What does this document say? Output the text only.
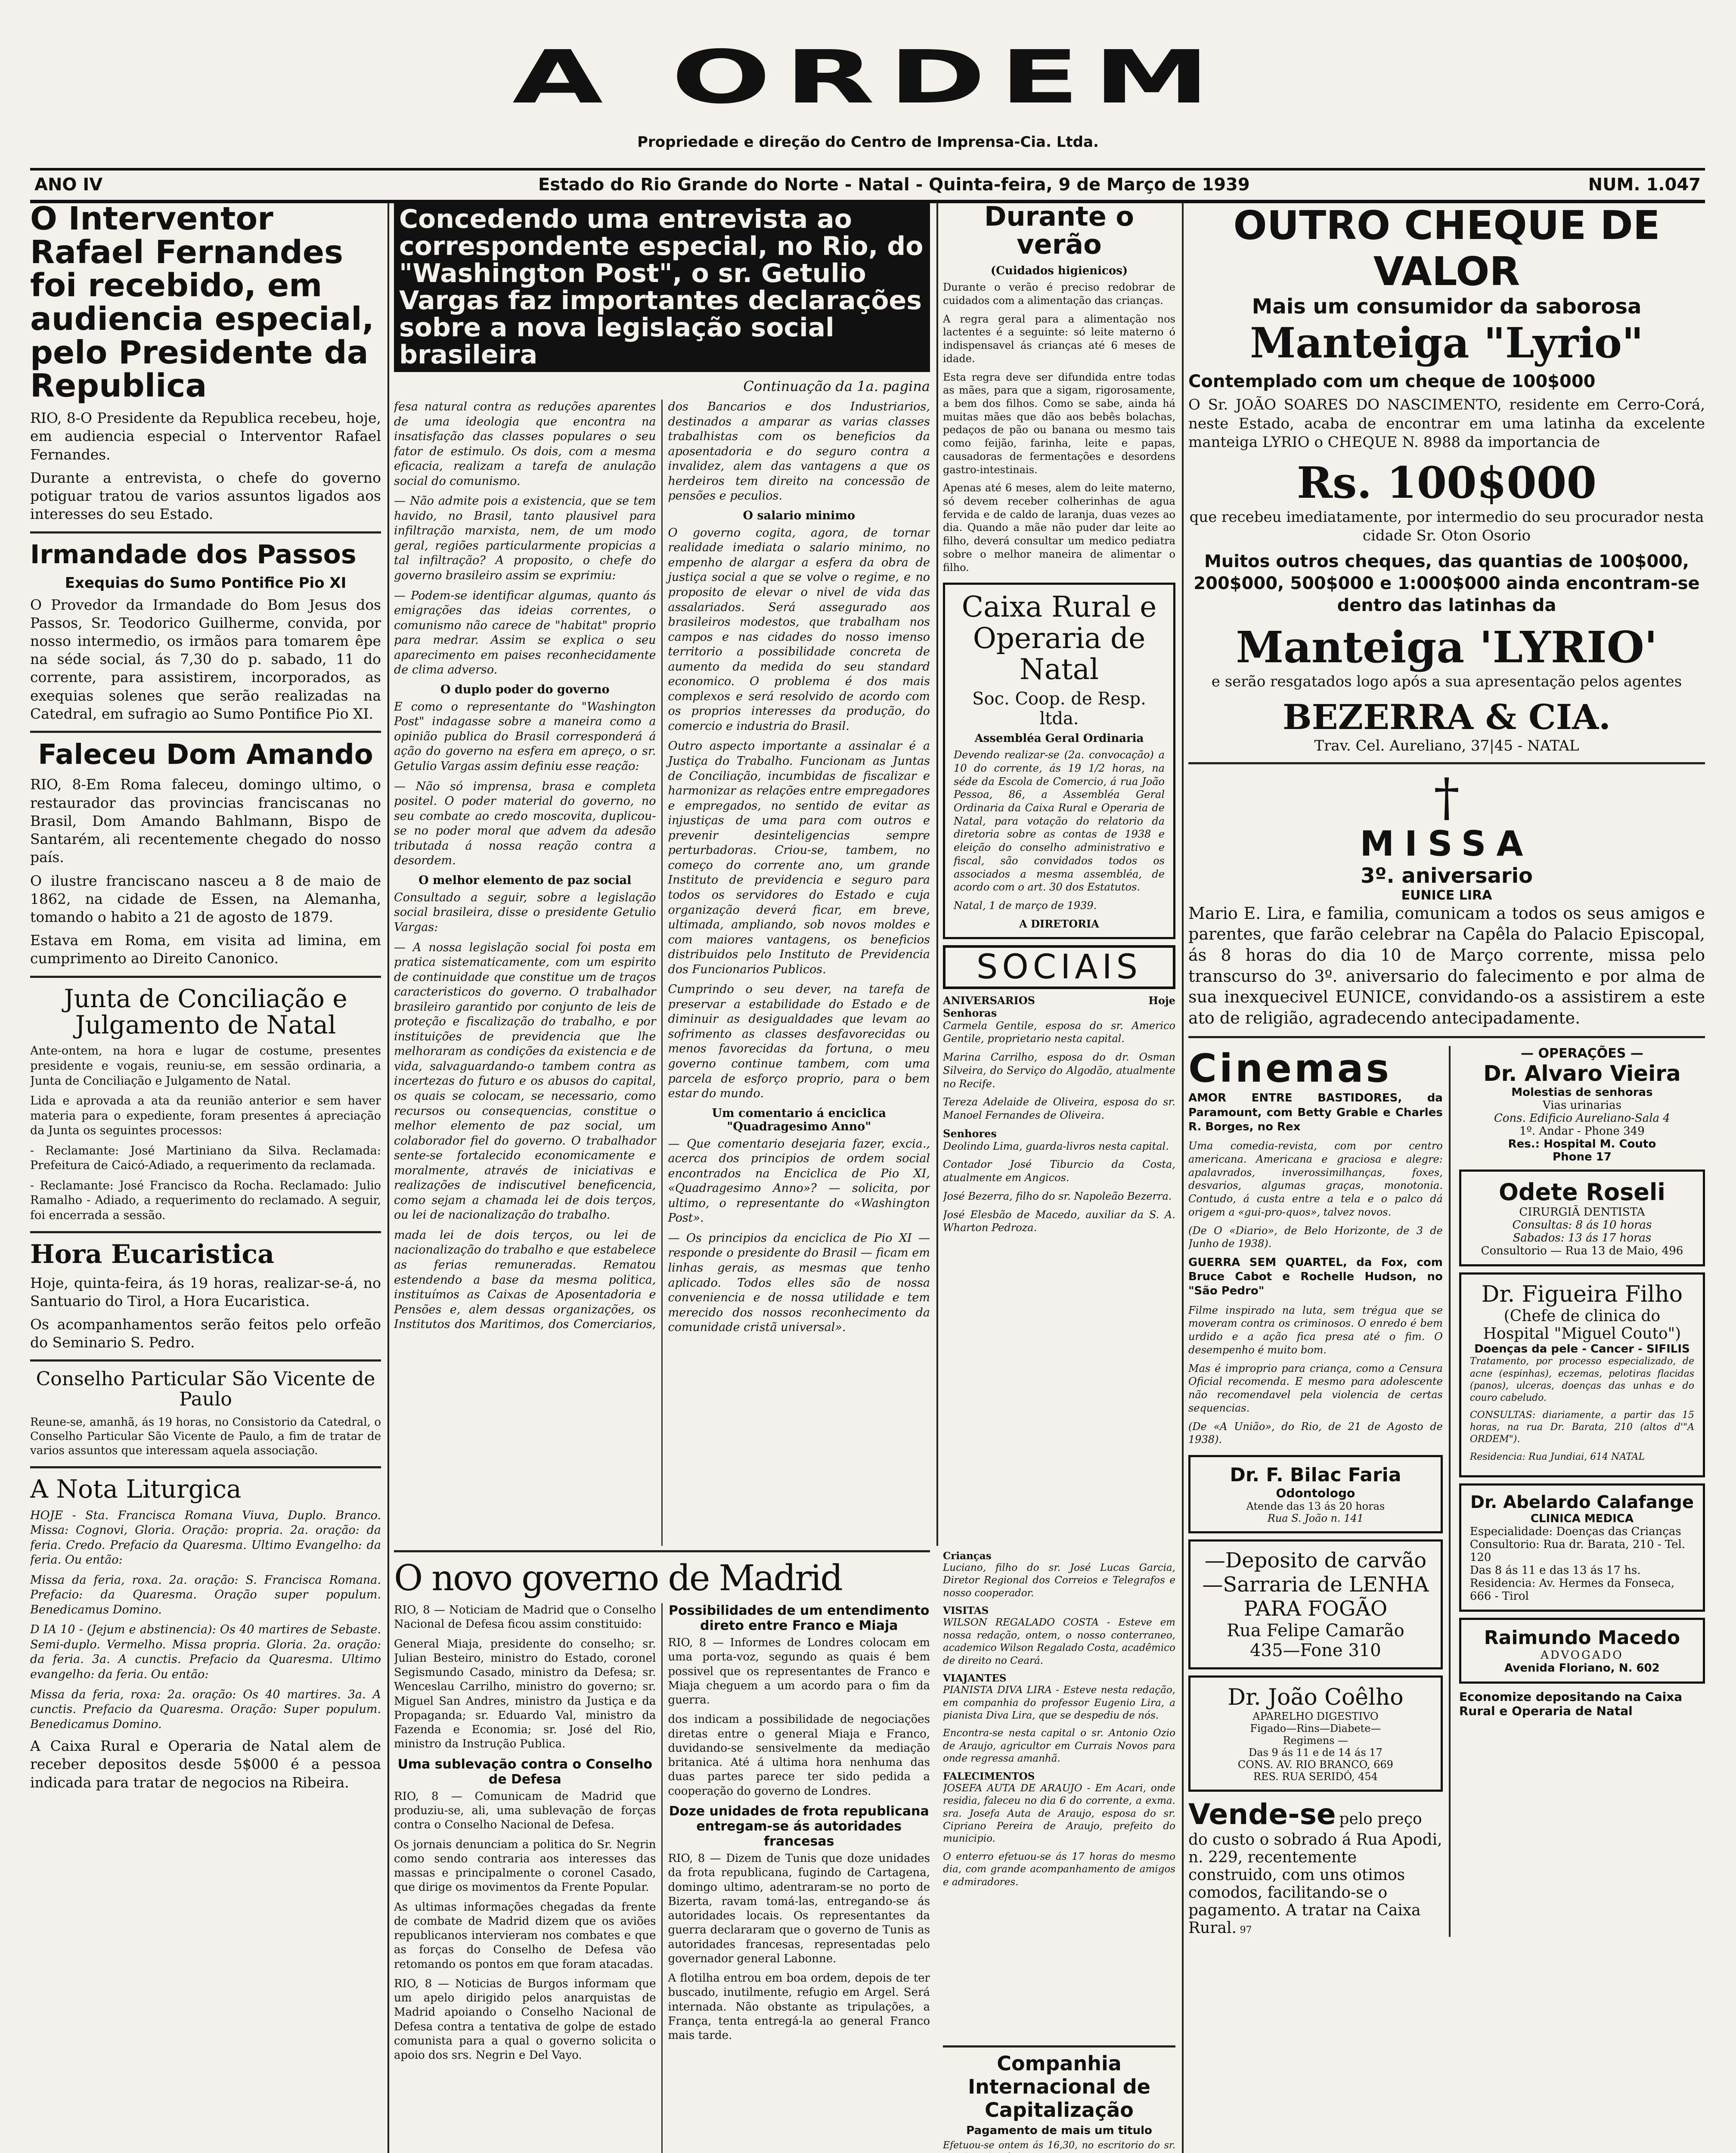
A ORDEM
Propriedade e direção do Centro de Imprensa-Cia. Ltda.
ANO IV	Estado do Rio Grande do Norte - Natal - Quinta-feira, 9 de Março de 1939	NUM. 1.047
O Interventor Rafael Fernandes foi recebido, em audiencia especial, pelo Presidente da Republica

RIO, 8-O Presidente da Republica recebeu, hoje, em audiencia especial o Interventor Rafael Fernandes.

Durante a entrevista, o chefe do governo potiguar tratou de varios assuntos ligados aos interesses do seu Estado.

Irmandade dos Passos
Exequias do Sumo Pontifice Pio XI

O Provedor da Irmandade do Bom Jesus dos Passos, Sr. Teodorico Guilherme, convida, por nosso intermedio, os irmãos para tomarem êpe na séde social, ás 7,30 do p. sabado, 11 do corrente, para assistirem, incorporados, as exequias solenes que serão realizadas na Catedral, em sufragio ao Sumo Pontifice Pio XI.

Faleceu Dom Amando

RIO, 8-Em Roma faleceu, domingo ultimo, o restaurador das provincias franciscanas no Brasil, Dom Amando Bahlmann, Bispo de Santarém, ali recentemente chegado do nosso país.

O ilustre franciscano nasceu a 8 de maio de 1862, na cidade de Essen, na Alemanha, tomando o habito a 21 de agosto de 1879.

Estava em Roma, em visita ad limina, em cumprimento ao Direito Canonico.

Junta de Conciliação e Julgamento de Natal

Ante-ontem, na hora e lugar de costume, presentes presidente e vogais, reuniu-se, em sessão ordinaria, a Junta de Conciliação e Julgamento de Natal.

Lida e aprovada a ata da reunião anterior e sem haver materia para o expediente, foram presentes á apreciação da Junta os seguintes processos:

- Reclamante: José Martiniano da Silva. Reclamada: Prefeitura de Caicó-Adiado, a requerimento da reclamada.

- Reclamante: José Francisco da Rocha. Reclamado: Julio Ramalho - Adiado, a requerimento do reclamado. A seguir, foi encerrada a sessão.

Hora Eucaristica

Hoje, quinta-feira, ás 19 horas, realizar-se-á, no Santuario do Tirol, a Hora Eucaristica.

Os acompanhamentos serão feitos pelo orfeão do Seminario S. Pedro.

Conselho Particular São Vicente de Paulo

Reune-se, amanhã, ás 19 horas, no Consistorio da Catedral, o Conselho Particular São Vicente de Paulo, a fim de tratar de varios assuntos que interessam aquela associação.

A Nota Liturgica

HOJE - Sta. Francisca Romana Viuva, Duplo. Branco. Missa: Cognovi, Gloria. Oração: propria. 2a. oração: da feria. Credo. Prefacio da Quaresma. Ultimo Evangelho: da feria. Ou então:

Missa da feria, roxa. 2a. oração: S. Francisca Romana. Prefacio: da Quaresma. Oração super populum. Benedicamus Domino.

D IA 10 - (Jejum e abstinencia): Os 40 martires de Sebaste. Semi-duplo. Vermelho. Missa propria. Gloria. 2a. oração: da feria. 3a. A cunctis. Prefacio da Quaresma. Ultimo evangelho: da feria. Ou então:

Missa da feria, roxa: 2a. oração: Os 40 martires. 3a. A cunctis. Prefacio da Quaresma. Oração: Super populum. Benedicamus Domino.

A Caixa Rural e Operaria de Natal alem de receber depositos desde 5$000 é a pessoa indicada para tratar de negocios na Ribeira.

Concedendo uma entrevista ao correspondente especial, no Rio, do "Washington Post", o sr. Getulio Vargas faz importantes declarações sobre a nova legislação social brasileira
Continuação da 1a. pagina

fesa natural contra as reduções aparentes de uma ideologia que encontra na insatisfação das classes populares o seu fator de estimulo. Os dois, com a mesma eficacia, realizam a tarefa de anulação social do comunismo.

— Não admite pois a existencia, que se tem havido, no Brasil, tanto plausivel para infiltração marxista, nem, de um modo geral, regiões particularmente propicias a tal infiltração? A proposito, o chefe do governo brasileiro assim se exprimiu:

— Podem-se identificar algumas, quanto ás emigrações das ideias correntes, o comunismo não carece de "habitat" proprio para medrar. Assim se explica o seu aparecimento em paises reconhecidamente de clima adverso.

O duplo poder do governo

E como o representante do "Washington Post" indagasse sobre a maneira como a opinião publica do Brasil corresponderá á ação do governo na esfera em apreço, o sr. Getulio Vargas assim definiu esse reação:

— Não só imprensa, brasa e completa positel. O poder material do governo, no seu combate ao credo moscovita, duplicou-se no poder moral que advem da adesão tributada á nossa reação contra a desordem.

O melhor elemento de paz social

Consultado a seguir, sobre a legislação social brasileira, disse o presidente Getulio Vargas:

— A nossa legislação social foi posta em pratica sistematicamente, com um espirito de continuidade que constitue um de traços caracteristicos do governo. O trabalhador brasileiro garantido por conjunto de leis de proteção e fiscalização do trabalho, e por instituições de previdencia que lhe melhoraram as condições da existencia e de vida, salvaguardando-o tambem contra as incertezas do futuro e os abusos do capital, os quais se colocam, se necessario, como recursos ou consequencias, constitue o melhor elemento de paz social, um colaborador fiel do governo. O trabalhador sente-se fortalecido economicamente e moralmente, através de iniciativas e realizações de indiscutivel beneficencia, como sejam a chamada lei de dois terços, ou lei de nacionalização do trabalho.

mada lei de dois terços, ou lei de nacionalização do trabalho e que estabelece as ferias remuneradas. Rematou estendendo a base da mesma politica, instituímos as Caixas de Aposentadoria e Pensões e, alem dessas organizações, os Institutos dos Maritimos, dos Comerciarios, dos Bancarios e dos Industriarios, destinados a amparar as varias classes trabalhistas com os beneficios da aposentadoria e do seguro contra a invalidez, alem das vantagens a que os herdeiros tem direito na concessão de pensões e peculios.

O salario minimo

O governo cogita, agora, de tornar realidade imediata o salario minimo, no empenho de alargar a esfera da obra de justiça social a que se volve o regime, e no proposito de elevar o nivel de vida das assalariados. Será assegurado aos brasileiros modestos, que trabalham nos campos e nas cidades do nosso imenso territorio a possibilidade concreta de aumento da medida do seu standard economico. O problema é dos mais complexos e será resolvido de acordo com os proprios interesses da produção, do comercio e industria do Brasil.

Outro aspecto importante a assinalar é a Justiça do Trabalho. Funcionam as Juntas de Conciliação, incumbidas de fiscalizar e harmonizar as relações entre empregadores e empregados, no sentido de evitar as injustiças de uma para com outros e prevenir desinteligencias sempre perturbadoras. Criou-se, tambem, no começo do corrente ano, um grande Instituto de previdencia e seguro para todos os servidores do Estado e cuja organização deverá ficar, em breve, ultimada, ampliando, sob novos moldes e com maiores vantagens, os beneficios distribuidos pelo Instituto de Previdencia dos Funcionarios Publicos.

Cumprindo o seu dever, na tarefa de preservar a estabilidade do Estado e de diminuir as desigualdades que levam ao sofrimento as classes desfavorecidas ou menos favorecidas da fortuna, o meu governo continue tambem, com uma parcela de esforço proprio, para o bem estar do mundo.

Um comentario á enciclica "Quadragesimo Anno"

— Que comentario desejaria fazer, excia., acerca dos principios de ordem social encontrados na Enciclica de Pio XI, «Quadragesimo Anno»? — solicita, por ultimo, o representante do «Washington Post».

— Os principios da enciclica de Pio XI — responde o presidente do Brasil — ficam em linhas gerais, as mesmas que tenho aplicado. Todos elles são de nossa conveniencia e de nossa utilidade e tem merecido dos nossos reconhecimento da comunidade cristã universal».

O novo governo de Madrid

RIO, 8 — Noticiam de Madrid que o Conselho Nacional de Defesa ficou assim constituido:

General Miaja, presidente do conselho; sr. Julian Besteiro, ministro do Estado, coronel Segismundo Casado, ministro da Defesa; sr. Wenceslau Carrilho, ministro do governo; sr. Miguel San Andres, ministro da Justiça e da Propaganda; sr. Eduardo Val, ministro da Fazenda e Economia; sr. José del Rio, ministro da Instrução Publica.

Uma sublevação contra o Conselho de Defesa

RIO, 8 — Comunicam de Madrid que produziu-se, ali, uma sublevação de forças contra o Conselho Nacional de Defesa.

Os jornais denunciam a politica do Sr. Negrin como sendo contraria aos interesses das massas e principalmente o coronel Casado, que dirige os movimentos da Frente Popular.

As ultimas informações chegadas da frente de combate de Madrid dizem que os aviões republicanos intervieram nos combates e que as forças do Conselho de Defesa vão retomando os pontos em que foram atacadas.

RIO, 8 — Noticias de Burgos informam que um apelo dirigido pelos anarquistas de Madrid apoiando o Conselho Nacional de Defesa contra a tentativa de golpe de estado comunista para a qual o governo solicita o apoio dos srs. Negrin e Del Vayo.

Possibilidades de um entendimento direto entre Franco e Miaja

RIO, 8 — Informes de Londres colocam em uma porta-voz, segundo as quais é bem possivel que os representantes de Franco e Miaja cheguem a um acordo para o fim da guerra.

dos indicam a possibilidade de negociações diretas entre o general Miaja e Franco, duvidando-se sensivelmente da mediação britanica. Até á ultima hora nenhuma das duas partes parece ter sido pedida a cooperação do governo de Londres.

Doze unidades de frota republicana entregam-se ás autoridades francesas

RIO, 8 — Dizem de Tunis que doze unidades da frota republicana, fugindo de Cartagena, domingo ultimo, adentraram-se no porto de Bizerta, ravam tomá-las, entregando-se ás autoridades locais. Os representantes da guerra declararam que o governo de Tunis as autoridades francesas, representadas pelo governador general Labonne.

A flotilha entrou em boa ordem, depois de ter buscado, inutilmente, refugio em Argel. Será internada. Não obstante as tripulações, a França, tenta entregá-la ao general Franco mais tarde.

Durante o verão
(Cuidados higienicos)

Durante o verão é preciso redobrar de cuidados com a alimentação das crianças.

A regra geral para a alimentação nos lactentes é a seguinte: só leite materno ó indispensavel ás crianças até 6 meses de idade.

Esta regra deve ser difundida entre todas as mães, para que a sigam, rigorosamente, a bem dos filhos. Como se sabe, ainda há muitas mães que dão aos bebês bolachas, pedaços de pão ou banana ou mesmo tais como feijão, farinha, leite e papas, causadoras de fermentações e desordens gastro-intestinais.

Apenas até 6 meses, alem do leite materno, só devem receber colherinhas de agua fervida e de caldo de laranja, duas vezes ao dia. Quando a mãe não puder dar leite ao filho, deverá consultar um medico pediatra sobre o melhor maneira de alimentar o filho.

Caixa Rural e Operaria de Natal
Soc. Coop. de Resp. ltda.
Assembléa Geral Ordinaria

Devendo realizar-se (2a. convocação) a 10 do corrente, ás 19 1/2 horas, na séde da Escola de Comercio, á rua João Pessoa, 86, a Assembléa Geral Ordinaria da Caixa Rural e Operaria de Natal, para votação do relatorio da diretoria sobre as contas de 1938 e eleição do conselho administrativo e fiscal, são convidados todos os associados a mesma assembléa, de acordo com o art. 30 dos Estatutos.

Natal, 1 de março de 1939.

A DIRETORIA
SOCIAIS
ANIVERSARIOS	Hoje
Senhoras

Carmela Gentile, esposa do sr. Americo Gentile, proprietario nesta capital.

Marina Carrilho, esposa do dr. Osman Silveira, do Serviço do Algodão, atualmente no Recife.

Tereza Adelaide de Oliveira, esposa do sr. Manoel Fernandes de Oliveira.

Senhores

Deolindo Lima, guarda-livros nesta capital.

Contador José Tiburcio da Costa, atualmente em Angicos.

José Bezerra, filho do sr. Napoleão Bezerra.

José Elesbão de Macedo, auxiliar da S. A. Wharton Pedroza.

Crianças

Luciano, filho do sr. José Lucas Garcia, Diretor Regional dos Correios e Telegrafos e nosso cooperador.

VISITAS

WILSON REGALADO COSTA - Esteve em nossa redação, ontem, o nosso conterraneo, academico Wilson Regalado Costa, acadêmico de direito no Ceará.

VIAJANTES

PIANISTA DIVA LIRA - Esteve nesta redação, em companhia do professor Eugenio Lira, a pianista Diva Lira, que se despediu de nós.

Encontra-se nesta capital o sr. Antonio Ozio de Araujo, agricultor em Currais Novos para onde regressa amanhã.

FALECIMENTOS

JOSEFA AUTA DE ARAUJO - Em Acari, onde residia, faleceu no dia 6 do corrente, a exma. sra. Josefa Auta de Araujo, esposa do sr. Cipriano Pereira de Araujo, prefeito do municipio.

O enterro efetuou-se ás 17 horas do mesmo dia, com grande acompanhamento de amigos e admiradores.

OUTRO CHEQUE DE VALOR
Mais um consumidor da saborosa
Manteiga "Lyrio"
Contemplado com um cheque de 100$000

O Sr. JOÃO SOARES DO NASCIMENTO, residente em Cerro-Corá, neste Estado, acaba de encontrar em uma latinha da excelente manteiga LYRIO o CHEQUE N. 8988 da importancia de

Rs. 100$000

que recebeu imediatamente, por intermedio do seu procurador nesta cidade Sr. Oton Osorio

Muitos outros cheques, das quantias de 100$000, 200$000, 500$000 e 1:000$000 ainda encontram-se dentro das latinhas da

Manteiga 'LYRIO'

e serão resgatados logo após a sua apresentação pelos agentes

BEZERRA & CIA.
Trav. Cel. Aureliano, 37|45 - NATAL
†
MISSA
3º. aniversario
EUNICE LIRA

Mario E. Lira, e familia, comunicam a todos os seus amigos e parentes, que farão celebrar na Capêla do Palacio Episcopal, ás 8 horas do dia 10 de Março corrente, missa pelo transcurso do 3º. aniversario do falecimento e por alma de sua inexquecivel EUNICE, convidando-os a assistirem a este ato de religião, agradecendo antecipadamente.

Cinemas

AMOR ENTRE BASTIDORES, da Paramount, com Betty Grable e Charles R. Borges, no Rex

Uma comedia-revista, com por centro americana. Americana e graciosa e alegre: apalavrados, inverossimilhanças, foxes, desvarios, algumas graças, monotonia. Contudo, á custa entre a tela e o palco dá origem a «gui-pro-quos», talvez novos.

(De O «Diario», de Belo Horizonte, de 3 de Junho de 1938).

GUERRA SEM QUARTEL, da Fox, com Bruce Cabot e Rochelle Hudson, no "São Pedro"

Filme inspirado na luta, sem trégua que se moveram contra os criminosos. O enredo é bem urdido e a ação fica presa até o fim. O desempenho é muito bom.

Mas é improprio para criança, como a Censura Oficial recomenda. E mesmo para adolescente não recomendavel pela violencia de certas sequencias.

(De «A União», do Rio, de 21 de Agosto de 1938).

Dr. F. Bilac Faria
Odontologo
Atende das 13 ás 20 horas
Rua S. João n. 141
—Deposito de carvão
—Sarraria de LENHA
PARA FOGÃO
Rua Felipe Camarão
435—Fone 310
Dr. João Coêlho
APARELHO DIGESTIVO
Figado—Rins—Diabete—
Regimens —
Das 9 ás 11 e de 14 ás 17
CONS. AV. RIO BRANCO, 669
RES. RUA SERIDÓ, 454
Vende-se pelo preço do custo o sobrado á Rua Apodi, n. 229, recentemente construido, com uns otimos comodos, facilitando-se o pagamento. A tratar na Caixa Rural. 97
— OPERAÇÕES —
Dr. Alvaro Vieira
Molestias de senhoras
Vias urinarias
Cons. Edificio Aureliano-Sala 4
1º. Andar - Phone 349
Res.: Hospital M. Couto
Phone 17
Odete Roseli
CIRURGIÃ DENTISTA
Consultas: 8 ás 10 horas
Sabados: 13 ás 17 horas
Consultorio — Rua 13 de Maio, 496
Dr. Figueira Filho
(Chefe de clinica do Hospital "Miguel Couto")
Doenças da pele - Cancer - SIFILIS

Tratamento, por processo especializado, de acne (espinhas), eczemas, pelotiras flacidas (panos), ulceras, doenças das unhas e do couro cabeludo.

CONSULTAS: diariamente, a partir das 15 horas, na rua Dr. Barata, 210 (altos d'"A ORDEM").

Residencia: Rua Jundiai, 614 NATAL

Dr. Abelardo Calafange
CLINICA MEDICA
Especialidade: Doenças das Crianças
Consultorio: Rua dr. Barata, 210 - Tel. 120
Das 8 ás 11 e das 13 ás 17 hs.
Residencia: Av. Hermes da Fonseca, 666 - Tirol
Raimundo Macedo
ADVOGADO
Avenida Floriano, N. 602
Economize depositando na Caixa Rural e Operaria de Natal
Companhia Internacional de Capitalização
Pagamento de mais um titulo

Efetuou-se ontem ás 16,30, no escritorio do sr.
